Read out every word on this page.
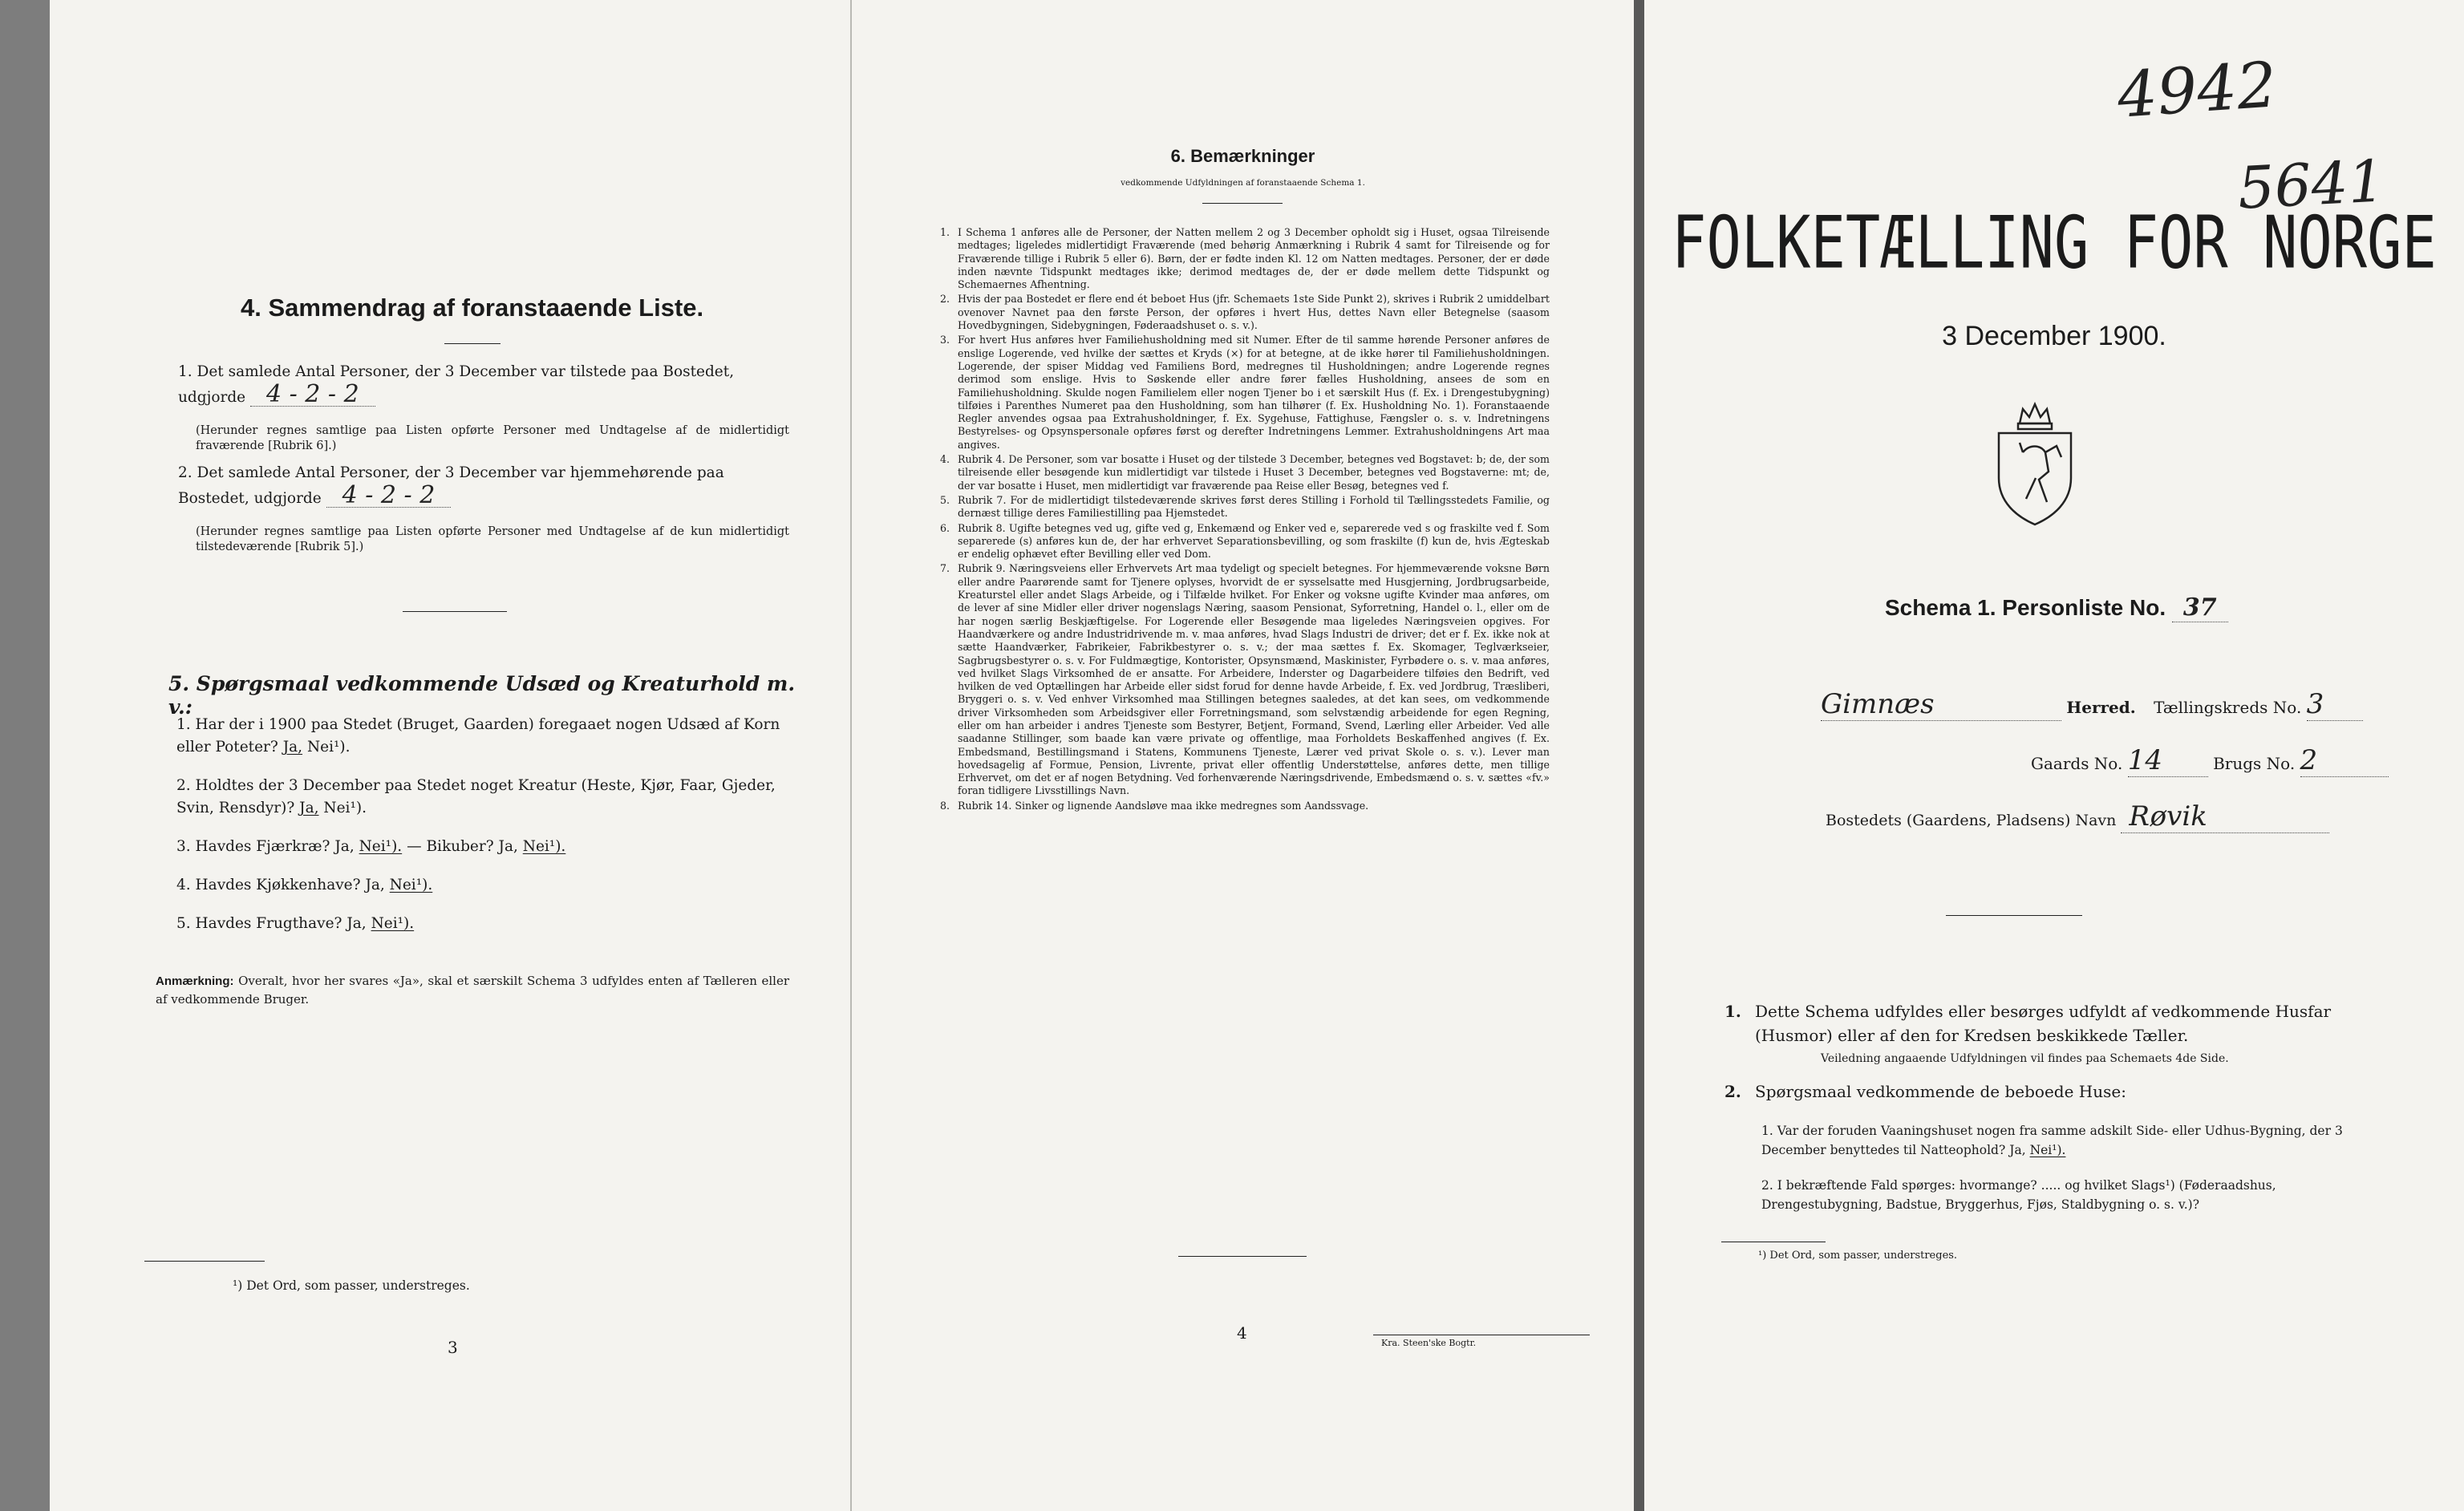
4. Sammendrag af foranstaaende Liste.

1. Det samlede Antal Personer, der 3 December var tilstede paa Bostedet, udgjorde 4 - 2 - 2

(Herunder regnes samtlige paa Listen opførte Personer med Undtagelse af de midlertidigt fraværende [Rubrik 6].)

2. Det samlede Antal Personer, der 3 December var hjemmehørende paa Bostedet, udgjorde 4 - 2 - 2

(Herunder regnes samtlige paa Listen opførte Personer med Undtagelse af de kun midlertidigt tilstedeværende [Rubrik 5].)

5. Spørgsmaal vedkommende Udsæd og Kreaturhold m. v.:

1. Har der i 1900 paa Stedet (Bruget, Gaarden) foregaaet nogen Udsæd af Korn eller Poteter? Ja, Nei¹).

2. Holdtes der 3 December paa Stedet noget Kreatur (Heste, Kjør, Faar, Gjeder, Svin, Rensdyr)? Ja, Nei¹).

3. Havdes Fjærkræ? Ja, Nei¹). — Bikuber? Ja, Nei¹).

4. Havdes Kjøkkenhave? Ja, Nei¹).

5. Havdes Frugthave? Ja, Nei¹).

Anmærkning: Overalt, hvor her svares «Ja», skal et særskilt Schema 3 udfyldes enten af Tælleren eller af vedkommende Bruger.

¹) Det Ord, som passer, understreges.

3
6. Bemærkninger

vedkommende Udfyldningen af foranstaaende Schema 1.

1. I Schema 1 anføres alle de Personer, der Natten mellem 2 og 3 December opholdt sig i Huset, ogsaa Tilreisende medtages; ligeledes midlertidigt Fraværende (med behørig Anmærkning i Rubrik 4 samt for Tilreisende og for Fraværende tillige i Rubrik 5 eller 6). Børn, der er fødte inden Kl. 12 om Natten medtages. Personer, der er døde inden nævnte Tidspunkt medtages ikke; derimod medtages de, der er døde mellem dette Tidspunkt og Schemaernes Afhentning.
2. Hvis der paa Bostedet er flere end ét beboet Hus (jfr. Schemaets 1ste Side Punkt 2), skrives i Rubrik 2 umiddelbart ovenover Navnet paa den første Person, der opføres i hvert Hus, dettes Navn eller Betegnelse (saasom Hovedbygningen, Sidebygningen, Føderaadshuset o. s. v.).
3. For hvert Hus anføres hver Familiehusholdning med sit Numer. Efter de til samme hørende Personer anføres de enslige Logerende, ved hvilke der sættes et Kryds (×) for at betegne, at de ikke hører til Familiehusholdningen. Logerende, der spiser Middag ved Familiens Bord, medregnes til Husholdningen; andre Logerende regnes derimod som enslige. Hvis to Søskende eller andre fører fælles Husholdning, ansees de som en Familiehusholdning. Skulde nogen Familielem eller nogen Tjener bo i et særskilt Hus (f. Ex. i Drengestubygning) tilføies i Parenthes Numeret paa den Husholdning, som han tilhører (f. Ex. Husholdning No. 1). Foranstaaende Regler anvendes ogsaa paa Extrahusholdninger, f. Ex. Sygehuse, Fattighuse, Fængsler o. s. v. Indretningens Bestyrelses- og Opsynspersonale opføres først og derefter Indretningens Lemmer. Extrahusholdningens Art maa angives.
4. Rubrik 4. De Personer, som var bosatte i Huset og der tilstede 3 December, betegnes ved Bogstavet: b; de, der som tilreisende eller besøgende kun midlertidigt var tilstede i Huset 3 December, betegnes ved Bogstaverne: mt; de, der var bosatte i Huset, men midlertidigt var fraværende paa Reise eller Besøg, betegnes ved f.
5. Rubrik 7. For de midlertidigt tilstedeværende skrives først deres Stilling i Forhold til Tællingsstedets Familie, og dernæst tillige deres Familiestilling paa Hjemstedet.
6. Rubrik 8. Ugifte betegnes ved ug, gifte ved g, Enkemænd og Enker ved e, separerede ved s og fraskilte ved f. Som separerede (s) anføres kun de, der har erhvervet Separationsbevilling, og som fraskilte (f) kun de, hvis Ægteskab er endelig ophævet efter Bevilling eller ved Dom.
7. Rubrik 9. Næringsveiens eller Erhvervets Art maa tydeligt og specielt betegnes. For hjemmeværende voksne Børn eller andre Paarørende samt for Tjenere oplyses, hvorvidt de er sysselsatte med Husgjerning, Jordbrugsarbeide, Kreaturstel eller andet Slags Arbeide, og i Tilfælde hvilket. For Enker og voksne ugifte Kvinder maa anføres, om de lever af sine Midler eller driver nogenslags Næring, saasom Pensionat, Syforretning, Handel o. l., eller om de har nogen særlig Beskjæftigelse. For Logerende eller Besøgende maa ligeledes Næringsveien opgives. For Haandværkere og andre Industridrivende m. v. maa anføres, hvad Slags Industri de driver; det er f. Ex. ikke nok at sætte Haandværker, Fabrikeier, Fabrikbestyrer o. s. v.; der maa sættes f. Ex. Skomager, Teglværkseier, Sagbrugsbestyrer o. s. v. For Fuldmægtige, Kontorister, Opsynsmænd, Maskinister, Fyrbødere o. s. v. maa anføres, ved hvilket Slags Virksomhed de er ansatte. For Arbeidere, Inderster og Dagarbeidere tilføies den Bedrift, ved hvilken de ved Optællingen har Arbeide eller sidst forud for denne havde Arbeide, f. Ex. ved Jordbrug, Træsliberi, Bryggeri o. s. v. Ved enhver Virksomhed maa Stillingen betegnes saaledes, at det kan sees, om vedkommende driver Virksomheden som Arbeidsgiver eller Forretningsmand, som selvstændig arbeidende for egen Regning, eller om han arbeider i andres Tjeneste som Bestyrer, Betjent, Formand, Svend, Lærling eller Arbeider. Ved alle saadanne Stillinger, som baade kan være private og offentlige, maa Forholdets Beskaffenhed angives (f. Ex. Embedsmand, Bestillingsmand i Statens, Kommunens Tjeneste, Lærer ved privat Skole o. s. v.). Lever man hovedsagelig af Formue, Pension, Livrente, privat eller offentlig Understøttelse, anføres dette, men tillige Erhvervet, om det er af nogen Betydning. Ved forhenværende Næringsdrivende, Embedsmænd o. s. v. sættes «fv.» foran tidligere Livsstillings Navn.
8. Rubrik 14. Sinker og lignende Aandsløve maa ikke medregnes som Aandssvage.
4
Kra. Steen'ske Bogtr.
4942
5641
FOLKETÆLLING FOR NORGE

3 December 1900.

Schema 1. Personliste No. 37

Gimnæs	Herred. Tællingskreds No. 3

Gaards No. 14	Brugs No. 2

Bostedets (Gaardens, Pladsens) Navn Røvik

1. Dette Schema udfyldes eller besørges udfyldt af vedkommende Husfar (Husmor) eller af den for Kredsen beskikkede Tæller.

Veiledning angaaende Udfyldningen vil findes paa Schemaets 4de Side.

2. Spørgsmaal vedkommende de beboede Huse:

1. Var der foruden Vaaningshuset nogen fra samme adskilt Side- eller Udhus-Bygning, der 3 December benyttedes til Natteophold? Ja, Nei¹).

2. I bekræftende Fald spørges: hvormange? ..... og hvilket Slags¹) (Føderaadshus, Drengestubygning, Badstue, Bryggerhus, Fjøs, Staldbygning o. s. v.)?

¹) Det Ord, som passer, understreges.
